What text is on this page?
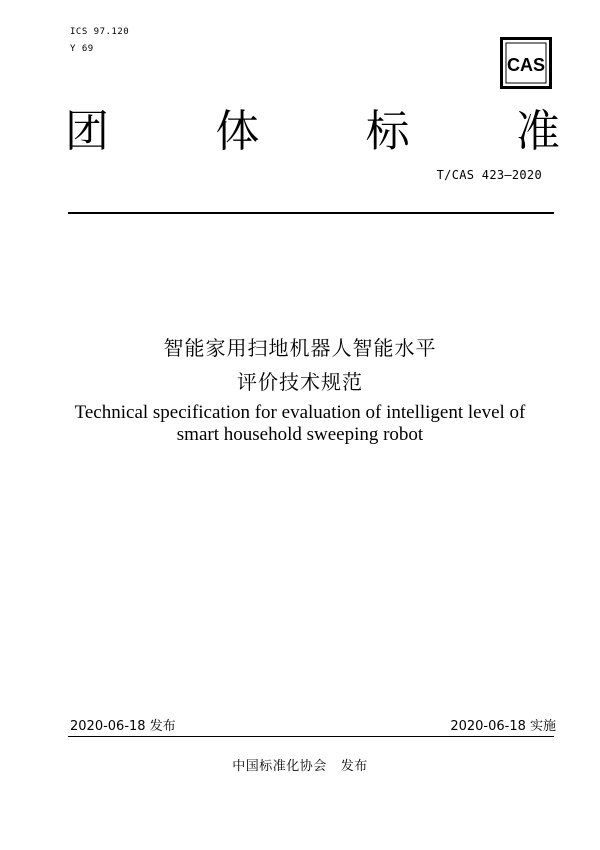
ICS 97.120
Y 69
CAS
团 体 标 准
T/CAS 423—2020
智能家用扫地机器人智能水平
评价技术规范
Technical specification for evaluation of intelligent level of
smart household sweeping robot
2020-06-18 发布	2020-06-18 实施
中国标准化协会   发布
